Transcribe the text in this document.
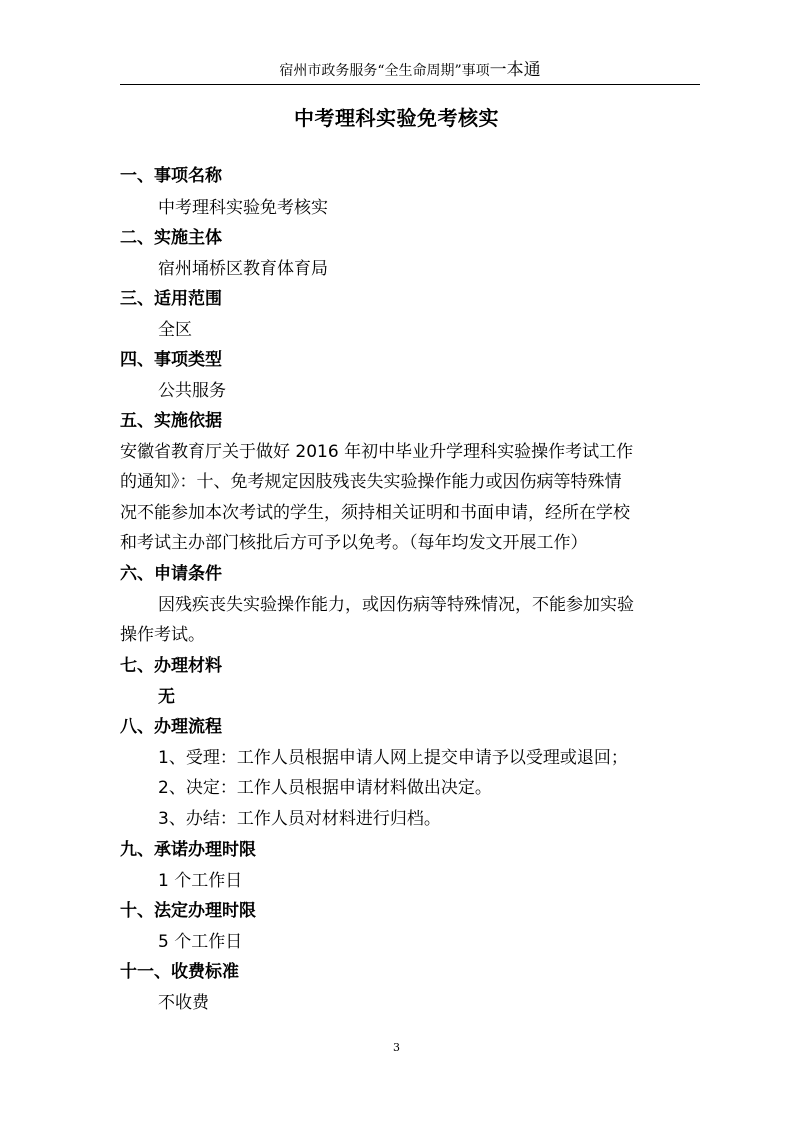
宿州市政务服务“全生命周期”事项一本通
中考理科实验免考核实
一、事项名称
中考理科实验免考核实
二、实施主体
宿州埇桥区教育体育局
三、适用范围
全区
四、事项类型
公共服务
五、实施依据
安徽省教育厅关于做好 2016 年初中毕业升学理科实验操作考试工作
的通知》：十、免考规定因肢残丧失实验操作能力或因伤病等特殊情
况不能参加本次考试的学生，须持相关证明和书面申请，经所在学校
和考试主办部门核批后方可予以免考。（每年均发文开展工作）
六、申请条件
因残疾丧失实验操作能力，或因伤病等特殊情况，不能参加实验
操作考试。
七、办理材料
无
八、办理流程
1、受理：工作人员根据申请人网上提交申请予以受理或退回；
2、决定：工作人员根据申请材料做出决定。
3、办结：工作人员对材料进行归档。
九、承诺办理时限
1 个工作日
十、法定办理时限
5 个工作日
十一、收费标准
不收费
3
